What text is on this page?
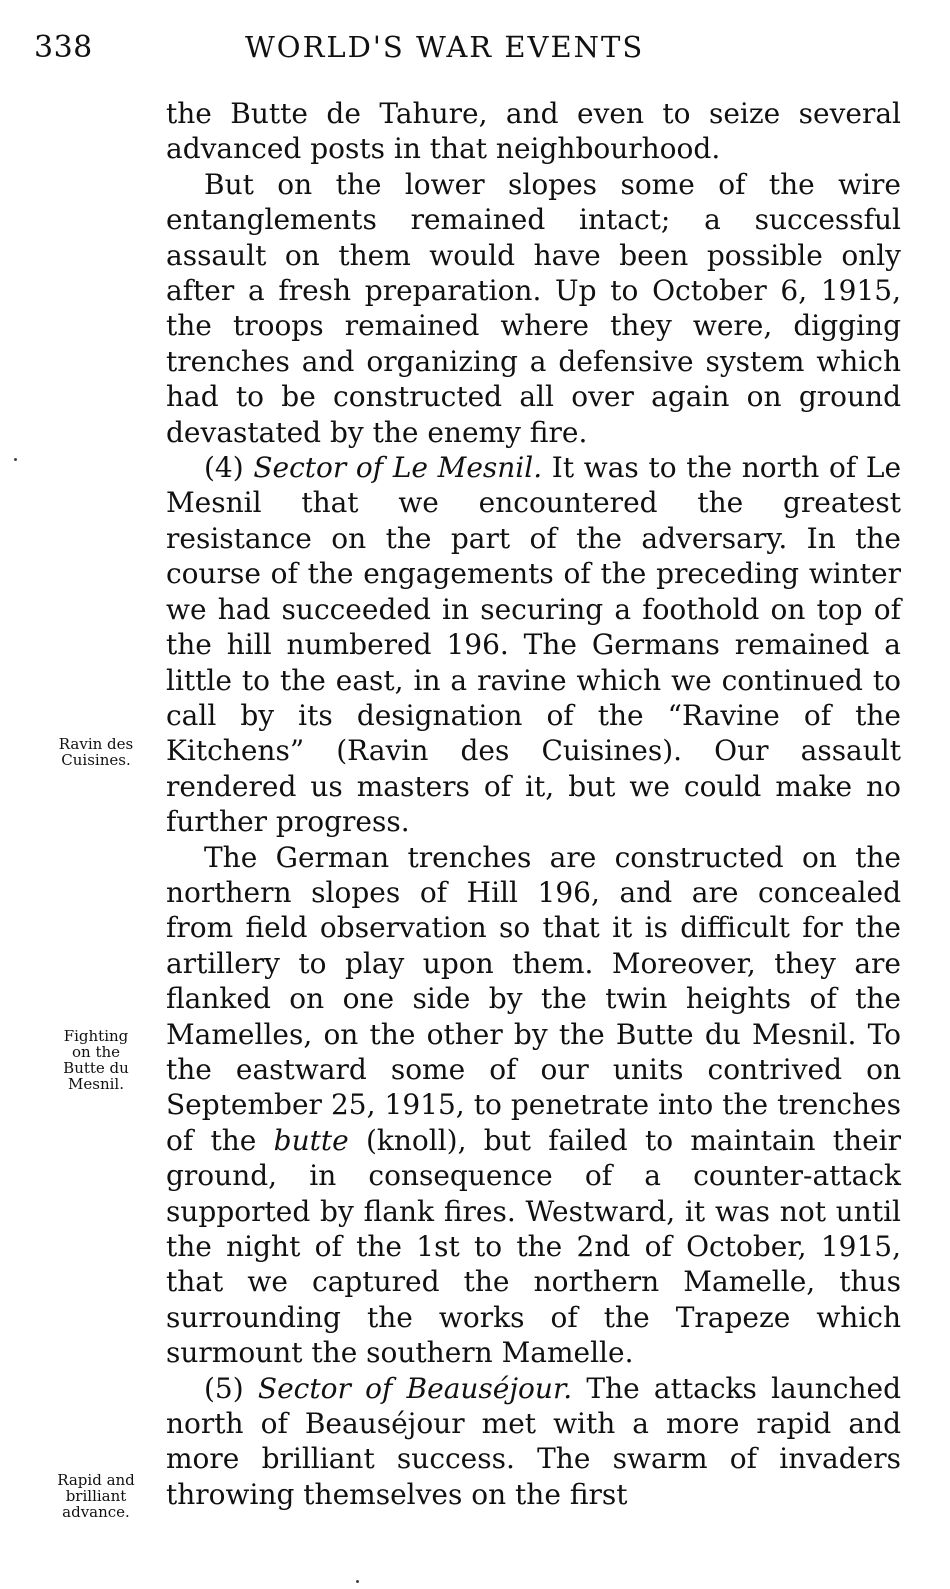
338	WORLD'S WAR EVENTS

the Butte de Tahure, and even to seize several advanced posts in that neighbourhood.

But on the lower slopes some of the wire entanglements remained intact; a successful assault on them would have been possible only after a fresh preparation. Up to October 6, 1915, the troops remained where they were, digging trenches and organizing a defensive system which had to be constructed all over again on ground devastated by the enemy fire.

(4) Sector of Le Mesnil. It was to the north of Le Mesnil that we encountered the greatest resistance on the part of the adversary. In the course of the engagements of the preceding winter we had succeeded in securing a foothold on top of the hill numbered 196. The Germans remained a little to the east, in a ravine which we continued to call by its designation of the “Ravine of the Kitchens” (Ravin des Cuisines). Our assault rendered us masters of it, but we could make no further progress.

The German trenches are constructed on the northern slopes of Hill 196, and are concealed from field observation so that it is difficult for the artillery to play upon them. Moreover, they are flanked on one side by the twin heights of the Mamelles, on the other by the Butte du Mesnil. To the eastward some of our units contrived on September 25, 1915, to penetrate into the trenches of the butte (knoll), but failed to maintain their ground, in consequence of a counter-attack supported by flank fires. Westward, it was not until the night of the 1st to the 2nd of October, 1915, that we captured the northern Mamelle, thus surrounding the works of the Trapeze which surmount the southern Mamelle.

(5) Sector of Beauséjour. The attacks launched north of Beauséjour met with a more rapid and more brilliant success. The swarm of invaders throwing themselves on the first

Ravin des
Cuisines.
Fighting
on the
Butte du
Mesnil.
Rapid and
brilliant
advance.
